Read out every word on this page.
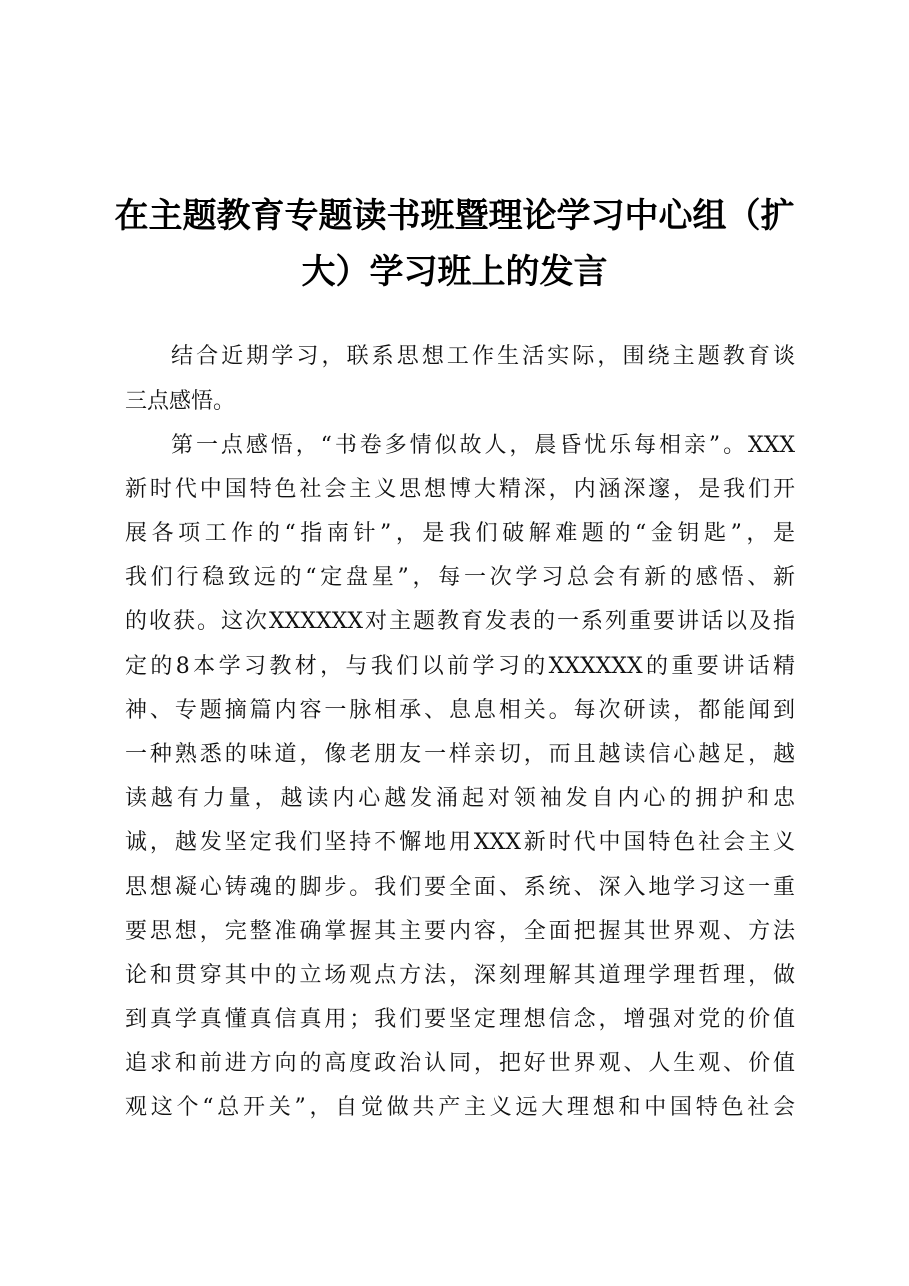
在主题教育专题读书班暨理论学习中心组（扩
大）学习班上的发言
结合近期学习，联系思想工作生活实际，围绕主题教育谈
三点感悟。
第一点感悟，“书卷多情似故人，晨昏忧乐每相亲”。XXX
新时代中国特色社会主义思想博大精深，内涵深邃，是我们开
展各项工作的“指南针”，是我们破解难题的“金钥匙”，是
我们行稳致远的“定盘星”，每一次学习总会有新的感悟、新
的收获。这次XXXXXX对主题教育发表的一系列重要讲话以及指
定的8本学习教材，与我们以前学习的XXXXXX的重要讲话精
神、专题摘篇内容一脉相承、息息相关。每次研读，都能闻到
一种熟悉的味道，像老朋友一样亲切，而且越读信心越足，越
读越有力量，越读内心越发涌起对领袖发自内心的拥护和忠
诚，越发坚定我们坚持不懈地用XXX新时代中国特色社会主义
思想凝心铸魂的脚步。我们要全面、系统、深入地学习这一重
要思想，完整准确掌握其主要内容，全面把握其世界观、方法
论和贯穿其中的立场观点方法，深刻理解其道理学理哲理，做
到真学真懂真信真用；我们要坚定理想信念，增强对党的价值
追求和前进方向的高度政治认同，把好世界观、人生观、价值
观这个“总开关”，自觉做共产主义远大理想和中国特色社会
